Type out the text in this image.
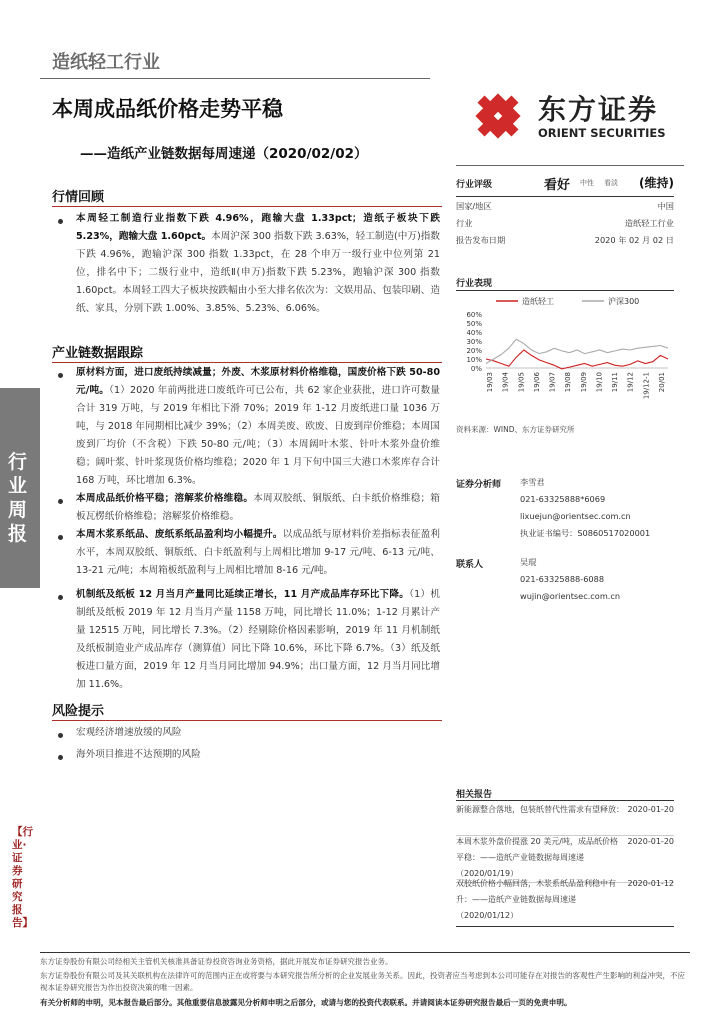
造纸轻工行业
本周成品纸价格走势平稳
——造纸产业链数据每周速递（2020/02/02）
东方证券
ORIENT SECURITIES
行业周报
【行业·证券研究报告】
行情回顾
本周轻工制造行业指数下跌 4.96%，跑输大盘 1.33pct；造纸子板块下跌 5.23%，跑输大盘 1.60pct。本周沪深 300 指数下跌 3.63%，轻工制造(中万)指数下跌 4.96%，跑输沪深 300 指数 1.33pct，在 28 个申万一级行业中位列第 21 位，排名中下；二级行业中，造纸Ⅱ(申万)指数下跌 5.23%，跑输沪深 300 指数 1.60pct。本周轻工四大子板块按跌幅由小至大排名依次为：文娱用品、包装印刷、造纸、家具，分别下跌 1.00%、3.85%、5.23%、6.06%。
产业链数据跟踪
原材料方面，进口废纸持续减量；外废、木浆原材料价格维稳，国废价格下跌 50-80 元/吨。（1）2020 年前两批进口废纸许可已公布，共 62 家企业获批，进口许可数量合计 319 万吨，与 2019 年相比下滑 70%；2019 年 1-12 月废纸进口量 1036 万吨，与 2018 年同期相比减少 39%；（2）本周美废、欧废、日废到岸价维稳；本周国废到厂均价（不含税）下跌 50-80 元/吨；（3）本周阔叶木浆、针叶木浆外盘价维稳；阔叶浆、针叶浆现货价格均维稳；2020 年 1 月下旬中国三大港口木浆库存合计 168 万吨，环比增加 6.3%。
本周成品纸价格平稳；溶解浆价格维稳。本周双胶纸、铜版纸、白卡纸价格维稳；箱板瓦楞纸价格维稳；溶解浆价格维稳。
本周木浆系纸品、废纸系纸品盈利均小幅提升。以成品纸与原材料价差指标表征盈利水平，本周双胶纸、铜版纸、白卡纸盈利与上周相比增加 9-17 元/吨、6-13 元/吨、13-21 元/吨；本周箱板纸盈利与上周相比增加 8-16 元/吨。
机制纸及纸板 12 月当月产量同比延续正增长，11 月产成品库存环比下降。（1）机制纸及纸板 2019 年 12 月当月产量 1158 万吨，同比增长 11.0%；1-12 月累计产量 12515 万吨，同比增长 7.3%。（2）经剔除价格因素影响，2019 年 11 月机制纸及纸板制造业产成品库存（测算值）同比下降 10.6%，环比下降 6.7%。（3）纸及纸板进口量方面，2019 年 12 月当月同比增加 94.9%；出口量方面，12 月当月同比增加 11.6%。
风险提示
宏观经济增速放缓的风险
海外项目推进不达预期的风险
行业评级	看好 中性 看淡 (维持)
国家/地区	中国
行业	造纸轻工行业
报告发布日期	2020 年 02 月 02 日
行业表现
造纸轻工	沪深300
60%
50%
40%
30%
20%
10%
0%
19/03 19/04 19/05 19/06 19/07 19/08 19/09 19/10 19/11 19/12 19/12-1 20/01
资料来源：WIND、东方证券研究所
证券分析师 李雪君
021-63325888*6069
lixuejun@orientsec.com.cn
执业证书编号：S0860517020001
联系人	吴琨
021-63325888-6088
wujin@orientsec.com.cn
相关报告
新能源整合落地，包装纸替代性需求有望释放： 2020-01-20
本周木浆外盘价提涨 20 美元/吨，成品纸价格平稳：——造纸产业链数据每周速递（2020/01/19）
2020-01-20
双胶纸价格小幅回落，木浆系纸品盈利稳中有升：——造纸产业链数据每周速递（2020/01/12）
2020-01-12
东方证券股份有限公司经相关主管机关核准具备证券投资咨询业务资格，据此开展发布证券研究报告业务。
东方证券股份有限公司及其关联机构在法律许可的范围内正在或将要与本研究报告所分析的企业发展业务关系。因此，投资者应当考虑到本公司可能存在对报告的客观性产生影响的利益冲突，不应视本证券研究报告为作出投资决策的唯一因素。
有关分析师的申明，见本报告最后部分。其他重要信息披露见分析师申明之后部分，或请与您的投资代表联系。并请阅读本证券研究报告最后一页的免责申明。
